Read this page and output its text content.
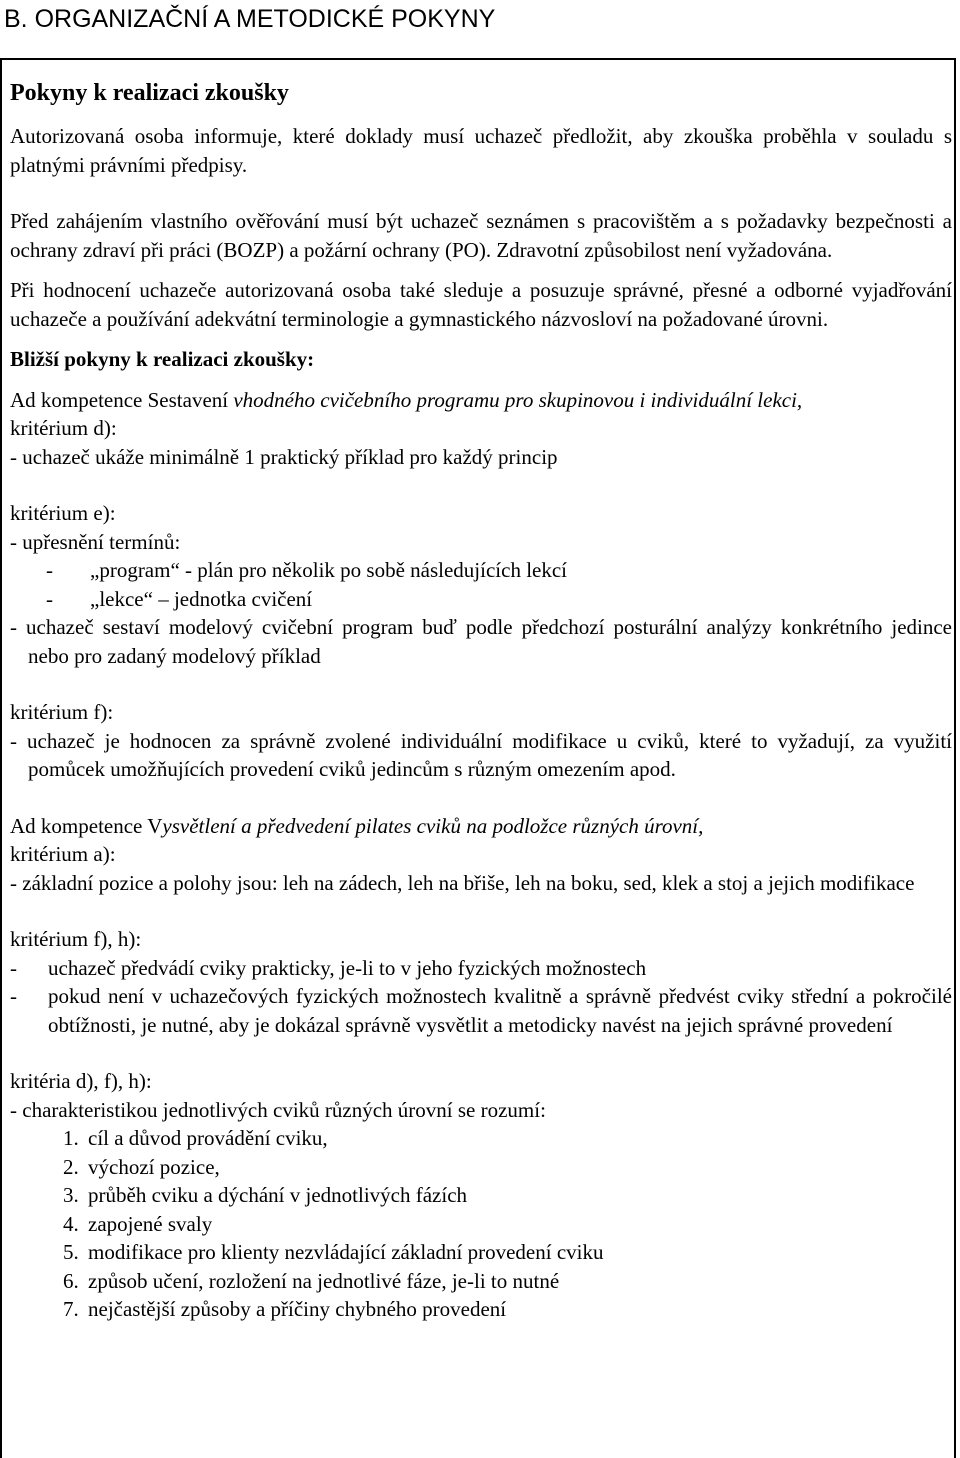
B. ORGANIZAČNÍ A METODICKÉ POKYNY

Pokyny k realizaci zkoušky

Autorizovaná osoba informuje, které doklady musí uchazeč předložit, aby zkouška proběhla v souladu s platnými právními předpisy.

Před zahájením vlastního ověřování musí být uchazeč seznámen s pracovištěm a s požadavky bezpečnosti a ochrany zdraví při práci (BOZP) a požární ochrany (PO). Zdravotní způsobilost není vyžadována.

Při hodnocení uchazeče autorizovaná osoba také sleduje a posuzuje správné, přesné a odborné vyjadřování uchazeče a používání adekvátní terminologie a gymnastického názvosloví na požadované úrovni.

Bližší pokyny k realizaci zkoušky:

Ad kompetence Sestavení vhodného cvičebního programu pro skupinovou i individuální lekci,

kritérium d):

- uchazeč ukáže minimálně 1 praktický příklad pro každý princip

kritérium e):

- upřesnění termínů:

- „program“ - plán pro několik po sobě následujících lekcí

- „lekce“ – jednotka cvičení

- uchazeč sestaví modelový cvičební program buď podle předchozí posturální analýzy konkrétního jedince nebo pro zadaný modelový příklad

kritérium f):

- uchazeč je hodnocen za správně zvolené individuální modifikace u cviků, které to vyžadují, za využití pomůcek umožňujících provedení cviků jedincům s různým omezením apod.

Ad kompetence Vysvětlení a předvedení pilates cviků na podložce různých úrovní,

kritérium a):

- základní pozice a polohy jsou: leh na zádech, leh na břiše, leh na boku, sed, klek a stoj a jejich modifikace

kritérium f), h):

- uchazeč předvádí cviky prakticky, je-li to v jeho fyzických možnostech

- pokud není v uchazečových fyzických možnostech kvalitně a správně předvést cviky střední a pokročilé obtížnosti, je nutné, aby je dokázal správně vysvětlit a metodicky navést na jejich správné provedení

kritéria d), f), h):

- charakteristikou jednotlivých cviků různých úrovní se rozumí:

1. cíl a důvod provádění cviku,
2. výchozí pozice,
3. průběh cviku a dýchání v jednotlivých fázích
4. zapojené svaly
5. modifikace pro klienty nezvládající základní provedení cviku
6. způsob učení, rozložení na jednotlivé fáze, je-li to nutné
7. nejčastější způsoby a příčiny chybného provedení
